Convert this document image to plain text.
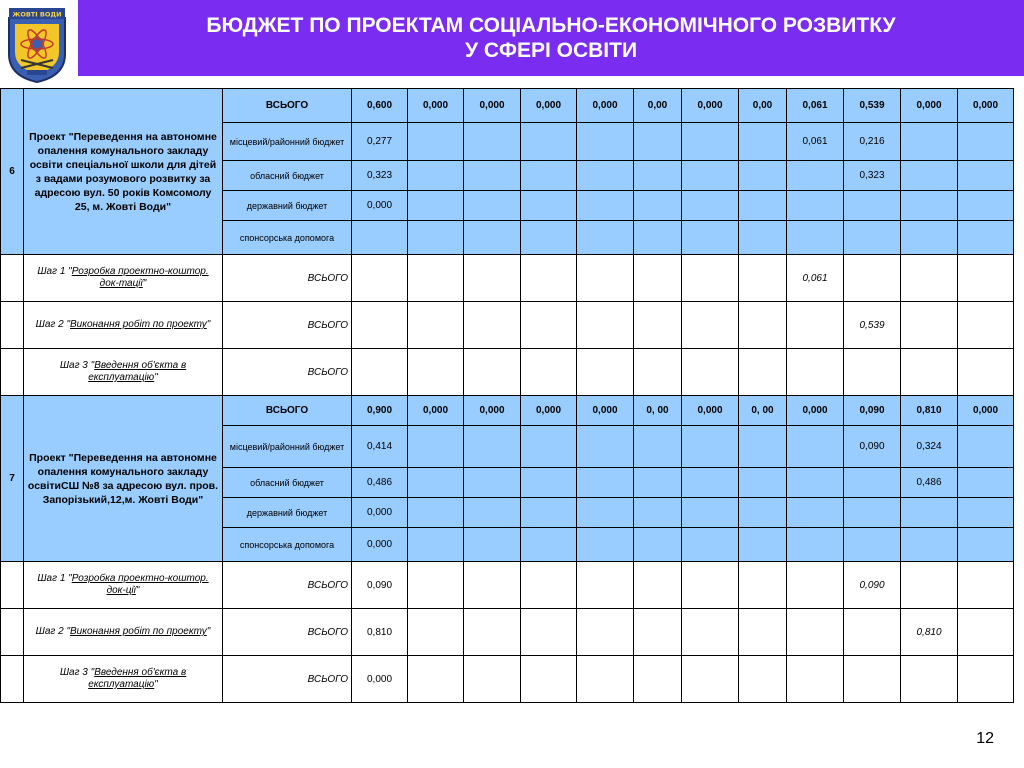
ЖОВТІ ВОДИ	БЮДЖЕТ ПО ПРОЕКТАМ СОЦІАЛЬНО-ЕКОНОМІЧНОГО РОЗВИТКУ
У СФЕРІ ОСВІТИ
6	Проект "Переведення на автономне опалення комунального закладу освіти спеціальної школи для дітей з вадами розумового розвитку за адресою вул. 50 років Комсомолу 25, м. Жовті Води"	ВСЬОГО	0,600	0,000	0,000	0,000	0,000	0,00	0,000	0,00	0,061	0,539	0,000	0,000
		місцевий/районний бюджет	0,277								0,061	0,216		
		обласний бюджет	0,323									0,323		
		державний бюджет	0,000											
		спонсорська допомога												
	Шаг 1 "Розробка проектно-коштор. док-тації"	ВСЬОГО									0,061			
	Шаг 2 "Виконання робіт по проекту"	ВСЬОГО										0,539		
	Шаг 3 "Введення об'єкта в експлуатацію"	ВСЬОГО												
7	Проект "Переведення на автономне опалення комунального закладу освітиСШ №8 за адресою вул. пров. Запорізький,12,м. Жовті Води"	ВСЬОГО	0,900	0,000	0,000	0,000	0,000	0, 00	0,000	0, 00	0,000	0,090	0,810	0,000
		місцевий/районний бюджет	0,414									0,090	0,324	
		обласний бюджет	0,486										0,486	
		державний бюджет	0,000											
		спонсорська допомога	0,000											
	Шаг 1 "Розробка проектно-коштор. док-ції"	ВСЬОГО	0,090									0,090		
	Шаг 2 "Виконання робіт по проекту"	ВСЬОГО	0,810										0,810	
	Шаг 3 "Введення об'єкта в експлуатацію"	ВСЬОГО	0,000											
12
